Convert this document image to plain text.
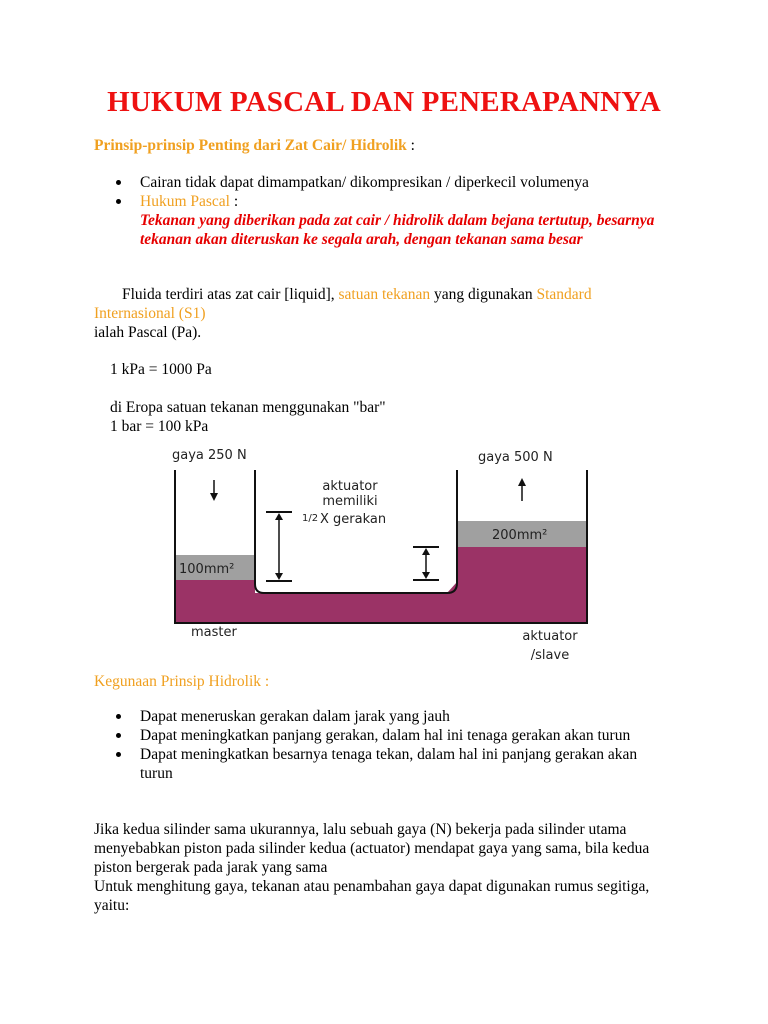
HUKUM PASCAL DAN PENERAPANNYA
Prinsip-prinsip Penting dari Zat Cair/ Hidrolik :
Cairan tidak dapat dimampatkan/ dikompresikan / diperkecil volumenya
Hukum Pascal :
Tekanan yang diberikan pada zat cair / hidrolik dalam bejana tertutup, besarnya tekanan akan diteruskan ke segala arah, dengan tekanan sama besar
Fluida terdiri atas zat cair [liquid], satuan tekanan yang digunakan Standard Internasional (S1)
ialah Pascal (Pa).
1 kPa = 1000 Pa
di Eropa satuan tekanan menggunakan "bar"
1 bar = 100 kPa
Kegunaan Prinsip Hidrolik :
Dapat meneruskan gerakan dalam jarak yang jauh
Dapat meningkatkan panjang gerakan, dalam hal ini tenaga gerakan akan turun
Dapat meningkatkan besarnya tenaga tekan, dalam hal ini panjang gerakan akan turun
Jika kedua silinder sama ukurannya, lalu sebuah gaya (N) bekerja pada silinder utama menyebabkan piston pada silinder kedua (actuator) mendapat gaya yang sama, bila kedua piston bergerak pada jarak yang sama
Untuk menghitung gaya, tekanan atau penambahan gaya dapat digunakan rumus segitiga, yaitu:
gaya 250 N	gaya 500 N
aktuator
memiliki
1/2 X gerakan
100mm²
200mm²
master	aktuator
/slave
